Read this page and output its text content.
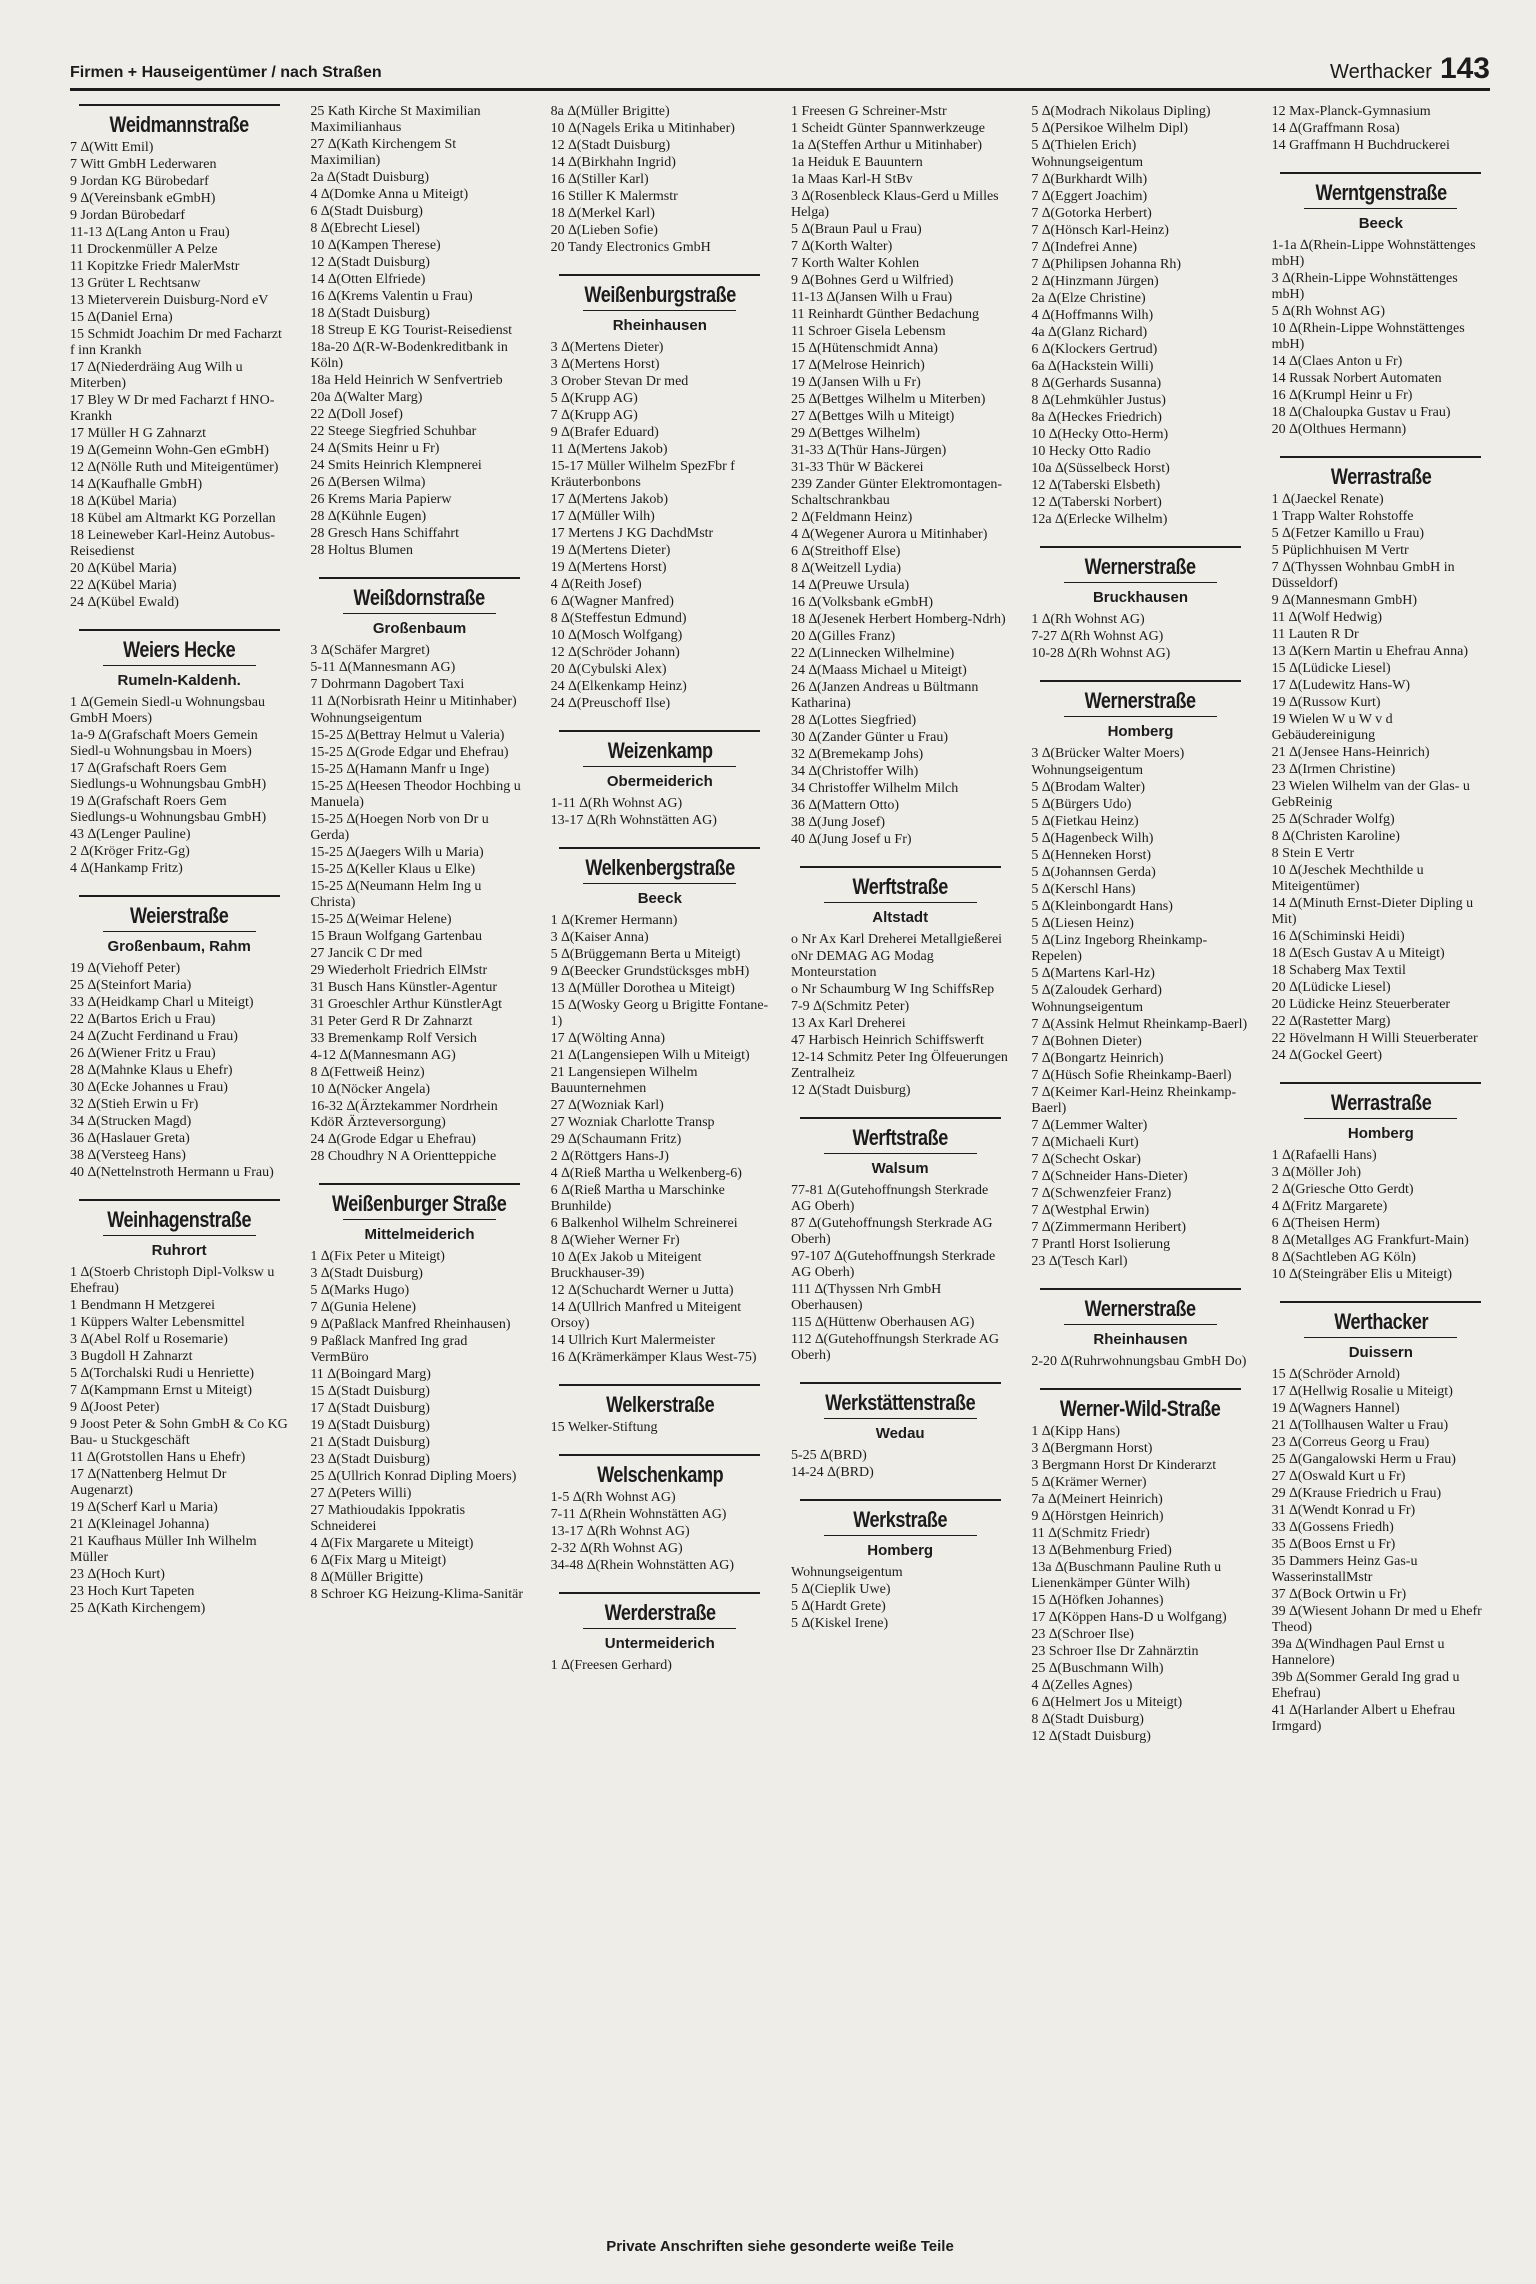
Firmen + Hauseigentümer / nach Straßen	Werthacker 143
Weidmannstraße
7 ∆(Witt Emil)
7 Witt GmbH Lederwaren
9 Jordan KG Bürobedarf
9 ∆(Vereinsbank eGmbH)
9 Jordan Bürobedarf
11-13 ∆(Lang Anton u Frau)
11 Drockenmüller A Pelze
11 Kopitzke Friedr MalerMstr
13 Grüter L Rechtsanw
13 Mieterverein Duisburg-Nord eV
15 ∆(Daniel Erna)
15 Schmidt Joachim Dr med Facharzt f inn Krankh
17 ∆(Niederdräing Aug Wilh u Miterben)
17 Bley W Dr med Facharzt f HNO-Krankh
17 Müller H G Zahnarzt
19 ∆(Gemeinn Wohn-Gen eGmbH)
12 ∆(Nölle Ruth und Miteigentümer)
14 ∆(Kaufhalle GmbH)
18 ∆(Kübel Maria)
18 Kübel am Altmarkt KG Porzellan
18 Leineweber Karl-Heinz Autobus-Reisedienst
20 ∆(Kübel Maria)
22 ∆(Kübel Maria)
24 ∆(Kübel Ewald)
Weiers Hecke
Rumeln-Kaldenh.
1 ∆(Gemein Siedl-u Wohnungsbau GmbH Moers)
1a-9 ∆(Grafschaft Moers Gemein Siedl-u Wohnungsbau in Moers)
17 ∆(Grafschaft Roers Gem Siedlungs-u Wohnungsbau GmbH)
19 ∆(Grafschaft Roers Gem Siedlungs-u Wohnungsbau GmbH)
43 ∆(Lenger Pauline)
2 ∆(Kröger Fritz-Gg)
4 ∆(Hankamp Fritz)
Weierstraße
Großenbaum, Rahm
19 ∆(Viehoff Peter)
25 ∆(Steinfort Maria)
33 ∆(Heidkamp Charl u Miteigt)
22 ∆(Bartos Erich u Frau)
24 ∆(Zucht Ferdinand u Frau)
26 ∆(Wiener Fritz u Frau)
28 ∆(Mahnke Klaus u Ehefr)
30 ∆(Ecke Johannes u Frau)
32 ∆(Stieh Erwin u Fr)
34 ∆(Strucken Magd)
36 ∆(Haslauer Greta)
38 ∆(Versteeg Hans)
40 ∆(Nettelnstroth Hermann u Frau)
Weinhagenstraße
Ruhrort
1 ∆(Stoerb Christoph Dipl-Volksw u Ehefrau)
1 Bendmann H Metzgerei
1 Küppers Walter Lebensmittel
3 ∆(Abel Rolf u Rosemarie)
3 Bugdoll H Zahnarzt
5 ∆(Torchalski Rudi u Henriette)
7 ∆(Kampmann Ernst u Miteigt)
9 ∆(Joost Peter)
9 Joost Peter & Sohn GmbH & Co KG Bau- u Stuckgeschäft
11 ∆(Grotstollen Hans u Ehefr)
17 ∆(Nattenberg Helmut Dr Augenarzt)
19 ∆(Scherf Karl u Maria)
21 ∆(Kleinagel Johanna)
21 Kaufhaus Müller Inh Wilhelm Müller
23 ∆(Hoch Kurt)
23 Hoch Kurt Tapeten
25 ∆(Kath Kirchengem)
25 Kath Kirche St Maximilian Maximilianhaus
27 ∆(Kath Kirchengem St Maximilian)
2a ∆(Stadt Duisburg)
4 ∆(Domke Anna u Miteigt)
6 ∆(Stadt Duisburg)
8 ∆(Ebrecht Liesel)
10 ∆(Kampen Therese)
12 ∆(Stadt Duisburg)
14 ∆(Otten Elfriede)
16 ∆(Krems Valentin u Frau)
18 ∆(Stadt Duisburg)
18 Streup E KG Tourist-Reisedienst
18a-20 ∆(R-W-Bodenkreditbank in Köln)
18a Held Heinrich W Senfvertrieb
20a ∆(Walter Marg)
22 ∆(Doll Josef)
22 Steege Siegfried Schuhbar
24 ∆(Smits Heinr u Fr)
24 Smits Heinrich Klempnerei
26 ∆(Bersen Wilma)
26 Krems Maria Papierw
28 ∆(Kühnle Eugen)
28 Gresch Hans Schiffahrt
28 Holtus Blumen
Weißdornstraße
Großenbaum
3 ∆(Schäfer Margret)
5-11 ∆(Mannesmann AG)
7 Dohrmann Dagobert Taxi
11 ∆(Norbisrath Heinr u Mitinhaber)
Wohnungseigentum
15-25 ∆(Bettray Helmut u Valeria)
15-25 ∆(Grode Edgar und Ehefrau)
15-25 ∆(Hamann Manfr u Inge)
15-25 ∆(Heesen Theodor Hochbing u Manuela)
15-25 ∆(Hoegen Norb von Dr u Gerda)
15-25 ∆(Jaegers Wilh u Maria)
15-25 ∆(Keller Klaus u Elke)
15-25 ∆(Neumann Helm Ing u Christa)
15-25 ∆(Weimar Helene)
15 Braun Wolfgang Gartenbau
27 Jancik C Dr med
29 Wiederholt Friedrich ElMstr
31 Busch Hans Künstler-Agentur
31 Groeschler Arthur KünstlerAgt
31 Peter Gerd R Dr Zahnarzt
33 Bremenkamp Rolf Versich
4-12 ∆(Mannesmann AG)
8 ∆(Fettweiß Heinz)
10 ∆(Nöcker Angela)
16-32 ∆(Ärztekammer Nordrhein KdöR Ärzteversorgung)
24 ∆(Grode Edgar u Ehefrau)
28 Choudhry N A Orientteppiche
Weißenburger Straße
Mittelmeiderich
1 ∆(Fix Peter u Miteigt)
3 ∆(Stadt Duisburg)
5 ∆(Marks Hugo)
7 ∆(Gunia Helene)
9 ∆(Paßlack Manfred Rheinhausen)
9 Paßlack Manfred Ing grad VermBüro
11 ∆(Boingard Marg)
15 ∆(Stadt Duisburg)
17 ∆(Stadt Duisburg)
19 ∆(Stadt Duisburg)
21 ∆(Stadt Duisburg)
23 ∆(Stadt Duisburg)
25 ∆(Ullrich Konrad Dipling Moers)
27 ∆(Peters Willi)
27 Mathioudakis Ippokratis Schneiderei
4 ∆(Fix Margarete u Miteigt)
6 ∆(Fix Marg u Miteigt)
8 ∆(Müller Brigitte)
8 Schroer KG Heizung-Klima-Sanitär
8a ∆(Müller Brigitte)
10 ∆(Nagels Erika u Mitinhaber)
12 ∆(Stadt Duisburg)
14 ∆(Birkhahn Ingrid)
16 ∆(Stiller Karl)
16 Stiller K Malermstr
18 ∆(Merkel Karl)
20 ∆(Lieben Sofie)
20 Tandy Electronics GmbH
Weißenburgstraße
Rheinhausen
3 ∆(Mertens Dieter)
3 ∆(Mertens Horst)
3 Orober Stevan Dr med
5 ∆(Krupp AG)
7 ∆(Krupp AG)
9 ∆(Brafer Eduard)
11 ∆(Mertens Jakob)
15-17 Müller Wilhelm SpezFbr f Kräuterbonbons
17 ∆(Mertens Jakob)
17 ∆(Müller Wilh)
17 Mertens J KG DachdMstr
19 ∆(Mertens Dieter)
19 ∆(Mertens Horst)
4 ∆(Reith Josef)
6 ∆(Wagner Manfred)
8 ∆(Steffestun Edmund)
10 ∆(Mosch Wolfgang)
12 ∆(Schröder Johann)
20 ∆(Cybulski Alex)
24 ∆(Elkenkamp Heinz)
24 ∆(Preuschoff Ilse)
Weizenkamp
Obermeiderich
1-11 ∆(Rh Wohnst AG)
13-17 ∆(Rh Wohnstätten AG)
Welkenbergstraße
Beeck
1 ∆(Kremer Hermann)
3 ∆(Kaiser Anna)
5 ∆(Brüggemann Berta u Miteigt)
9 ∆(Beecker Grundstücksges mbH)
13 ∆(Müller Dorothea u Miteigt)
15 ∆(Wosky Georg u Brigitte Fontane-1)
17 ∆(Wölting Anna)
21 ∆(Langensiepen Wilh u Miteigt)
21 Langensiepen Wilhelm Bauunternehmen
27 ∆(Wozniak Karl)
27 Wozniak Charlotte Transp
29 ∆(Schaumann Fritz)
2 ∆(Röttgers Hans-J)
4 ∆(Rieß Martha u Welkenberg-6)
6 ∆(Rieß Martha u Marschinke Brunhilde)
6 Balkenhol Wilhelm Schreinerei
8 ∆(Wieher Werner Fr)
10 ∆(Ex Jakob u Miteigent Bruckhauser-39)
12 ∆(Schuchardt Werner u Jutta)
14 ∆(Ullrich Manfred u Miteigent Orsoy)
14 Ullrich Kurt Malermeister
16 ∆(Krämerkämper Klaus West-75)
Welkerstraße
15 Welker-Stiftung
Welschenkamp
1-5 ∆(Rh Wohnst AG)
7-11 ∆(Rhein Wohnstätten AG)
13-17 ∆(Rh Wohnst AG)
2-32 ∆(Rh Wohnst AG)
34-48 ∆(Rhein Wohnstätten AG)
Werderstraße
Untermeiderich
1 ∆(Freesen Gerhard)
1 Freesen G Schreiner-Mstr
1 Scheidt Günter Spannwerkzeuge
1a ∆(Steffen Arthur u Mitinhaber)
1a Heiduk E Bauuntern
1a Maas Karl-H StBv
3 ∆(Rosenbleck Klaus-Gerd u Milles Helga)
5 ∆(Braun Paul u Frau)
7 ∆(Korth Walter)
7 Korth Walter Kohlen
9 ∆(Bohnes Gerd u Wilfried)
11-13 ∆(Jansen Wilh u Frau)
11 Reinhardt Günther Bedachung
11 Schroer Gisela Lebensm
15 ∆(Hütenschmidt Anna)
17 ∆(Melrose Heinrich)
19 ∆(Jansen Wilh u Fr)
25 ∆(Bettges Wilhelm u Miterben)
27 ∆(Bettges Wilh u Miteigt)
29 ∆(Bettges Wilhelm)
31-33 ∆(Thür Hans-Jürgen)
31-33 Thür W Bäckerei
239 Zander Günter Elektromontagen-Schaltschrankbau
2 ∆(Feldmann Heinz)
4 ∆(Wegener Aurora u Mitinhaber)
6 ∆(Streithoff Else)
8 ∆(Weitzell Lydia)
14 ∆(Preuwe Ursula)
16 ∆(Volksbank eGmbH)
18 ∆(Jesenek Herbert Homberg-Ndrh)
20 ∆(Gilles Franz)
22 ∆(Linnecken Wilhelmine)
24 ∆(Maass Michael u Miteigt)
26 ∆(Janzen Andreas u Bültmann Katharina)
28 ∆(Lottes Siegfried)
30 ∆(Zander Günter u Frau)
32 ∆(Bremekamp Johs)
34 ∆(Christoffer Wilh)
34 Christoffer Wilhelm Milch
36 ∆(Mattern Otto)
38 ∆(Jung Josef)
40 ∆(Jung Josef u Fr)
Werftstraße
Altstadt
o Nr Ax Karl Dreherei Metallgießerei
oNr DEMAG AG Modag Monteurstation
o Nr Schaumburg W Ing SchiffsRep
7-9 ∆(Schmitz Peter)
13 Ax Karl Dreherei
47 Harbisch Heinrich Schiffswerft
12-14 Schmitz Peter Ing Ölfeuerungen Zentralheiz
12 ∆(Stadt Duisburg)
Werftstraße
Walsum
77-81 ∆(Gutehoffnungsh Sterkrade AG Oberh)
87 ∆(Gutehoffnungsh Sterkrade AG Oberh)
97-107 ∆(Gutehoffnungsh Sterkrade AG Oberh)
111 ∆(Thyssen Nrh GmbH Oberhausen)
115 ∆(Hüttenw Oberhausen AG)
112 ∆(Gutehoffnungsh Sterkrade AG Oberh)
Werkstättenstraße
Wedau
5-25 ∆(BRD)
14-24 ∆(BRD)
Werkstraße
Homberg
Wohnungseigentum
5 ∆(Cieplik Uwe)
5 ∆(Hardt Grete)
5 ∆(Kiskel Irene)
5 ∆(Modrach Nikolaus Dipling)
5 ∆(Persikoe Wilhelm Dipl)
5 ∆(Thielen Erich)
Wohnungseigentum
7 ∆(Burkhardt Wilh)
7 ∆(Eggert Joachim)
7 ∆(Gotorka Herbert)
7 ∆(Hönsch Karl-Heinz)
7 ∆(Indefrei Anne)
7 ∆(Philipsen Johanna Rh)
2 ∆(Hinzmann Jürgen)
2a ∆(Elze Christine)
4 ∆(Hoffmanns Wilh)
4a ∆(Glanz Richard)
6 ∆(Klockers Gertrud)
6a ∆(Hackstein Willi)
8 ∆(Gerhards Susanna)
8 ∆(Lehmkühler Justus)
8a ∆(Heckes Friedrich)
10 ∆(Hecky Otto-Herm)
10 Hecky Otto Radio
10a ∆(Süsselbeck Horst)
12 ∆(Taberski Elsbeth)
12 ∆(Taberski Norbert)
12a ∆(Erlecke Wilhelm)
Wernerstraße
Bruckhausen
1 ∆(Rh Wohnst AG)
7-27 ∆(Rh Wohnst AG)
10-28 ∆(Rh Wohnst AG)
Wernerstraße
Homberg
3 ∆(Brücker Walter Moers)
Wohnungseigentum
5 ∆(Brodam Walter)
5 ∆(Bürgers Udo)
5 ∆(Fietkau Heinz)
5 ∆(Hagenbeck Wilh)
5 ∆(Henneken Horst)
5 ∆(Johannsen Gerda)
5 ∆(Kerschl Hans)
5 ∆(Kleinbongardt Hans)
5 ∆(Liesen Heinz)
5 ∆(Linz Ingeborg Rheinkamp-Repelen)
5 ∆(Martens Karl-Hz)
5 ∆(Zaloudek Gerhard)
Wohnungseigentum
7 ∆(Assink Helmut Rheinkamp-Baerl)
7 ∆(Bohnen Dieter)
7 ∆(Bongartz Heinrich)
7 ∆(Hüsch Sofie Rheinkamp-Baerl)
7 ∆(Keimer Karl-Heinz Rheinkamp-Baerl)
7 ∆(Lemmer Walter)
7 ∆(Michaeli Kurt)
7 ∆(Schecht Oskar)
7 ∆(Schneider Hans-Dieter)
7 ∆(Schwenzfeier Franz)
7 ∆(Westphal Erwin)
7 ∆(Zimmermann Heribert)
7 Prantl Horst Isolierung
23 ∆(Tesch Karl)
Wernerstraße
Rheinhausen
2-20 ∆(Ruhrwohnungsbau GmbH Do)
Werner-Wild-Straße
1 ∆(Kipp Hans)
3 ∆(Bergmann Horst)
3 Bergmann Horst Dr Kinderarzt
5 ∆(Krämer Werner)
7a ∆(Meinert Heinrich)
9 ∆(Hörstgen Heinrich)
11 ∆(Schmitz Friedr)
13 ∆(Behmenburg Fried)
13a ∆(Buschmann Pauline Ruth u Lienenkämper Günter Wilh)
15 ∆(Höfken Johannes)
17 ∆(Köppen Hans-D u Wolfgang)
23 ∆(Schroer Ilse)
23 Schroer Ilse Dr Zahnärztin
25 ∆(Buschmann Wilh)
4 ∆(Zelles Agnes)
6 ∆(Helmert Jos u Miteigt)
8 ∆(Stadt Duisburg)
12 ∆(Stadt Duisburg)
12 Max-Planck-Gymnasium
14 ∆(Graffmann Rosa)
14 Graffmann H Buchdruckerei
Werntgenstraße
Beeck
1-1a ∆(Rhein-Lippe Wohnstättenges mbH)
3 ∆(Rhein-Lippe Wohnstättenges mbH)
5 ∆(Rh Wohnst AG)
10 ∆(Rhein-Lippe Wohnstättenges mbH)
14 ∆(Claes Anton u Fr)
14 Russak Norbert Automaten
16 ∆(Krumpl Heinr u Fr)
18 ∆(Chaloupka Gustav u Frau)
20 ∆(Olthues Hermann)
Werrastraße
1 ∆(Jaeckel Renate)
1 Trapp Walter Rohstoffe
5 ∆(Fetzer Kamillo u Frau)
5 Püplichhuisen M Vertr
7 ∆(Thyssen Wohnbau GmbH in Düsseldorf)
9 ∆(Mannesmann GmbH)
11 ∆(Wolf Hedwig)
11 Lauten R Dr
13 ∆(Kern Martin u Ehefrau Anna)
15 ∆(Lüdicke Liesel)
17 ∆(Ludewitz Hans-W)
19 ∆(Russow Kurt)
19 Wielen W u W v d Gebäudereinigung
21 ∆(Jensee Hans-Heinrich)
23 ∆(Irmen Christine)
23 Wielen Wilhelm van der Glas- u GebReinig
25 ∆(Schrader Wolfg)
8 ∆(Christen Karoline)
8 Stein E Vertr
10 ∆(Jeschek Mechthilde u Miteigentümer)
14 ∆(Minuth Ernst-Dieter Dipling u Mit)
16 ∆(Schiminski Heidi)
18 ∆(Esch Gustav A u Miteigt)
18 Schaberg Max Textil
20 ∆(Lüdicke Liesel)
20 Lüdicke Heinz Steuerberater
22 ∆(Rastetter Marg)
22 Hövelmann H Willi Steuerberater
24 ∆(Gockel Geert)
Werrastraße
Homberg
1 ∆(Rafaelli Hans)
3 ∆(Möller Joh)
2 ∆(Griesche Otto Gerdt)
4 ∆(Fritz Margarete)
6 ∆(Theisen Herm)
8 ∆(Metallges AG Frankfurt-Main)
8 ∆(Sachtleben AG Köln)
10 ∆(Steingräber Elis u Miteigt)
Werthacker
Duissern
15 ∆(Schröder Arnold)
17 ∆(Hellwig Rosalie u Miteigt)
19 ∆(Wagners Hannel)
21 ∆(Tollhausen Walter u Frau)
23 ∆(Correus Georg u Frau)
25 ∆(Gangalowski Herm u Frau)
27 ∆(Oswald Kurt u Fr)
29 ∆(Krause Friedrich u Frau)
31 ∆(Wendt Konrad u Fr)
33 ∆(Gossens Friedh)
35 ∆(Boos Ernst u Fr)
35 Dammers Heinz Gas-u WasserinstallMstr
37 ∆(Bock Ortwin u Fr)
39 ∆(Wiesent Johann Dr med u Ehefr Theod)
39a ∆(Windhagen Paul Ernst u Hannelore)
39b ∆(Sommer Gerald Ing grad u Ehefrau)
41 ∆(Harlander Albert u Ehefrau Irmgard)
Private Anschriften siehe gesonderte weiße Teile
